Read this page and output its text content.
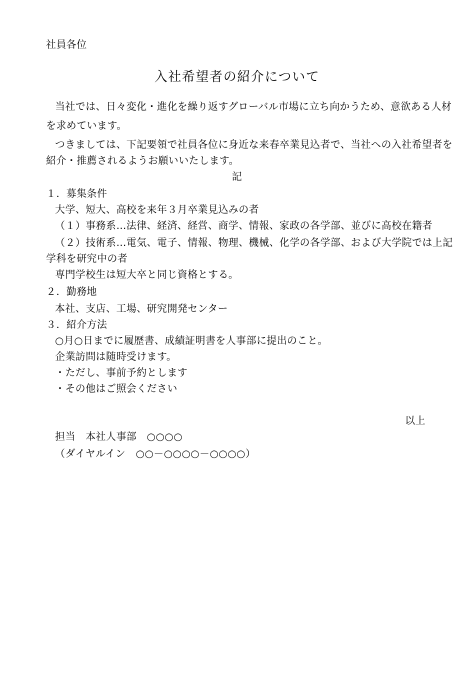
社員各位
入社希望者の紹介について
当社では、日々変化・進化を繰り返すグローバル市場に立ち向かうため、意欲ある人材
を求めています。
つきましては、下記要領で社員各位に身近な来春卒業見込者で、当社への入社希望者を
紹介・推薦されるようお願いいたします。
記
１．募集条件
大学、短大、高校を来年３月卒業見込みの者
（１）事務系…法律、経済、経営、商学、情報、家政の各学部、並びに高校在籍者
（２）技術系…電気、電子、情報、物理、機械、化学の各学部、および大学院では上記
学科を研究中の者
専門学校生は短大卒と同じ資格とする。
２．勤務地
本社、支店、工場、研究開発センター
３．紹介方法
○月○日までに履歴書、成績証明書を人事部に提出のこと。
企業訪問は随時受けます。
・ただし、事前予約とします
・その他はご照会ください
以上
担当　本社人事部　○○○○
（ダイヤルイン　○○－○○○○－○○○○）
